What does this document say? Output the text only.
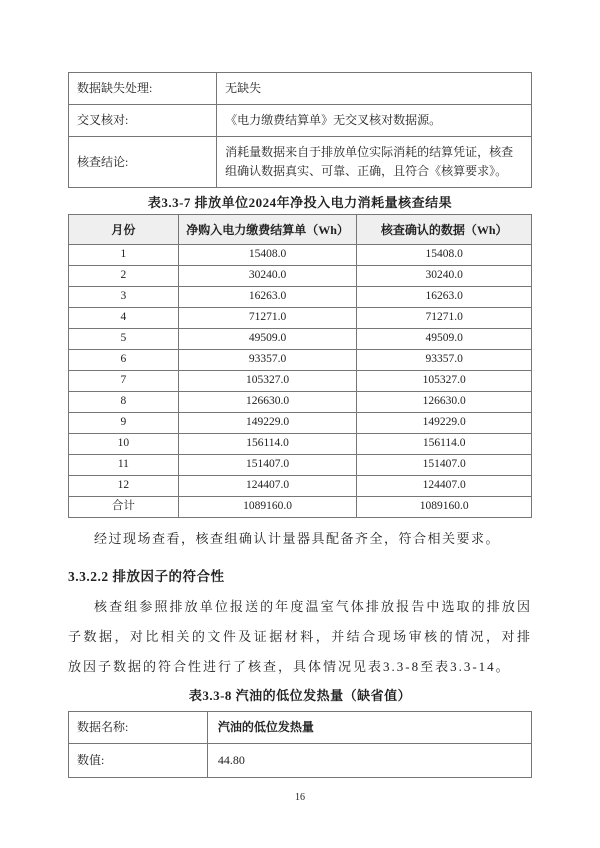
数据缺失处理:	无缺失
交叉核对:	《电力缴费结算单》无交叉核对数据源。
核查结论:	消耗量数据来自于排放单位实际消耗的结算凭证，核查组确认数据真实、可靠、正确，且符合《核算要求》。
表3.3-7 排放单位2024年净投入电力消耗量核查结果
月份	净购入电力缴费结算单（Wh）	核查确认的数据（Wh）
1	15408.0	15408.0
2	30240.0	30240.0
3	16263.0	16263.0
4	71271.0	71271.0
5	49509.0	49509.0
6	93357.0	93357.0
7	105327.0	105327.0
8	126630.0	126630.0
9	149229.0	149229.0
10	156114.0	156114.0
11	151407.0	151407.0
12	124407.0	124407.0
合计	1089160.0	1089160.0

经过现场查看，核查组确认计量器具配备齐全，符合相关要求。

3.3.2.2 排放因子的符合性

核查组参照排放单位报送的年度温室气体排放报告中选取的排放因子数据，对比相关的文件及证据材料，并结合现场审核的情况，对排放因子数据的符合性进行了核查，具体情况见表3.3-8至表3.3-14。

表3.3-8 汽油的低位发热量（缺省值）
数据名称:	汽油的低位发热量
数值:	44.80
16
